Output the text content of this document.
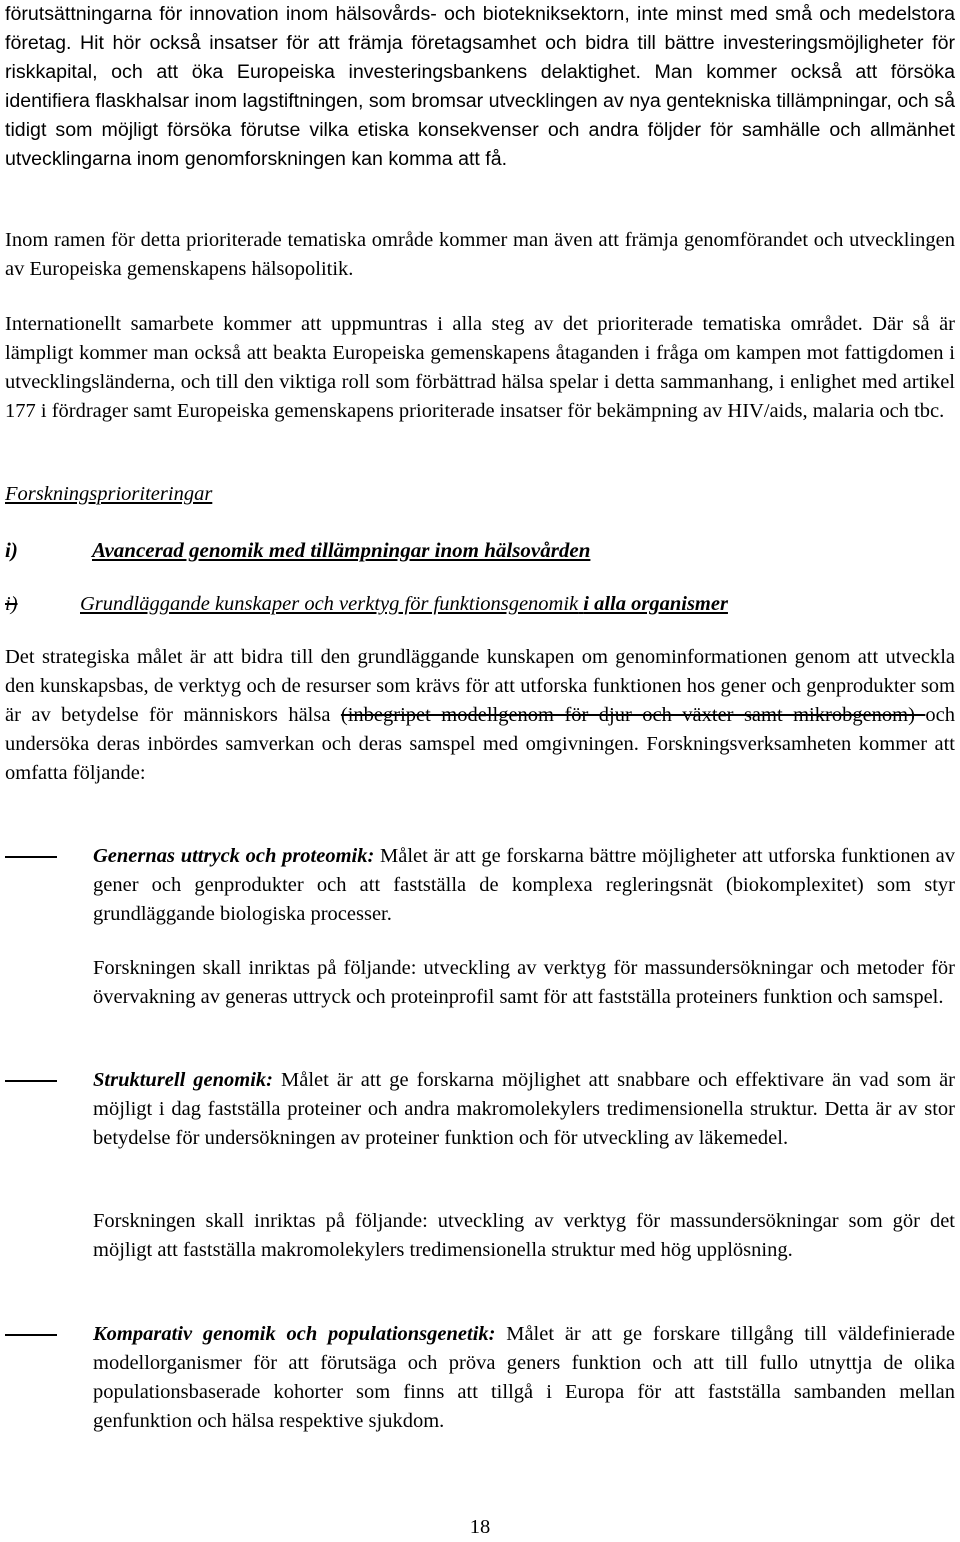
förutsättningarna för innovation inom hälsovårds- och biotekniksektorn, inte minst med små och medelstora företag. Hit hör också insatser för att främja företagsamhet och bidra till bättre investeringsmöjligheter för riskkapital, och att öka Europeiska investeringsbankens delaktighet. Man kommer också att försöka identifiera flaskhalsar inom lagstiftningen, som bromsar utvecklingen av nya gentekniska tillämpningar, och så tidigt som möjligt försöka förutse vilka etiska konsekvenser och andra följder för samhälle och allmänhet utvecklingarna inom genomforskningen kan komma att få.

Inom ramen för detta prioriterade tematiska område kommer man även att främja genomförandet och utvecklingen av Europeiska gemenskapens hälsopolitik.

Internationellt samarbete kommer att uppmuntras i alla steg av det prioriterade tematiska området. Där så är lämpligt kommer man också att beakta Europeiska gemenskapens åtaganden i fråga om kampen mot fattigdomen i utvecklingsländerna, och till den viktiga roll som förbättrad hälsa spelar i detta sammanhang, i enlighet med artikel 177 i fördrager samt Europeiska gemenskapens prioriterade insatser för bekämpning av HIV/aids, malaria och tbc.

Forskningsprioriteringar

i)	Avancerad genomik med tillämpningar inom hälsovården

i)	Grundläggande kunskaper och verktyg för funktionsgenomik i alla organismer

Det strategiska målet är att bidra till den grundläggande kunskapen om genominformationen genom att utveckla den kunskapsbas, de verktyg och de resurser som krävs för att utforska funktionen hos gener och genprodukter som är av betydelse för människors hälsa (inbegripet modellgenom för djur och växter samt mikrobgenom) och undersöka deras inbördes samverkan och deras samspel med omgivningen. Forskningsverksamheten kommer att omfatta följande:

Genernas uttryck och proteomik: Målet är att ge forskarna bättre möjligheter att utforska funktionen av gener och genprodukter och att fastställa de komplexa regleringsnät (biokomplexitet) som styr grundläggande biologiska processer.

Forskningen skall inriktas på följande: utveckling av verktyg för massundersökningar och metoder för övervakning av generas uttryck och proteinprofil samt för att fastställa proteiners funktion och samspel.

Strukturell genomik: Målet är att ge forskarna möjlighet att snabbare och effektivare än vad som är möjligt i dag fastställa proteiner och andra makromolekylers tredimensionella struktur. Detta är av stor betydelse för undersökningen av proteiner funktion och för utveckling av läkemedel.

Forskningen skall inriktas på följande: utveckling av verktyg för massundersökningar som gör det möjligt att fastställa makromolekylers tredimensionella struktur med hög upplösning.

Komparativ genomik och populationsgenetik: Målet är att ge forskare tillgång till väldefinierade modellorganismer för att förutsäga och pröva geners funktion och att till fullo utnyttja de olika populationsbaserade kohorter som finns att tillgå i Europa för att fastställa sambanden mellan genfunktion och hälsa respektive sjukdom.

18
